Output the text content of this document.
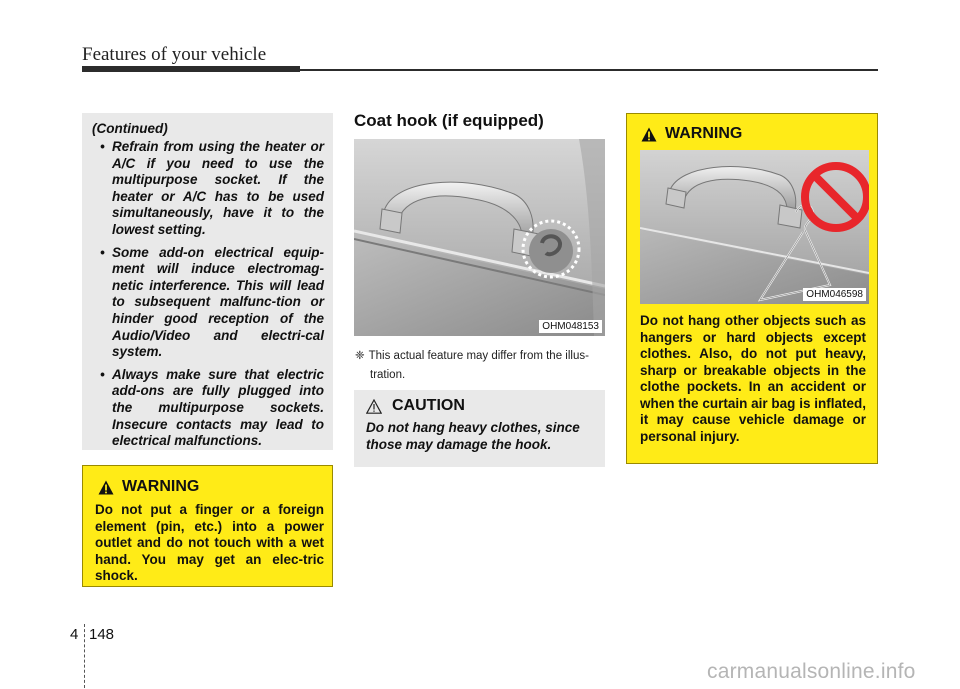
Features of your vehicle
(Continued)
• Refrain from using the heater or A/C if you need to use the multipurpose socket. If the heater or A/C has to be used simultaneously, have it to the lowest setting.
• Some add-on electrical equip-ment will induce electromag-netic interference. This will lead to subsequent malfunc-tion or hinder good reception of the Audio/Video and electri-cal system.
• Always make sure that electric add-ons are fully plugged into the multipurpose sockets. Insecure contacts may lead to electrical malfunctions.
WARNING
Do not put a finger or a foreign element (pin, etc.) into a power outlet and do not touch with a wet hand. You may get an elec-tric shock.
Coat hook (if equipped)
OHM048153
❈ This actual feature may differ from the illus-
tration.
CAUTION
Do not hang heavy clothes, since those may damage the hook.
WARNING
OHM046598
Do not hang other objects such as hangers or hard objects except clothes. Also, do not put heavy, sharp or breakable objects in the clothe pockets. In an accident or when the curtain air bag is inflated, it may cause vehicle damage or personal injury.
4 148
carmanualsonline.info
